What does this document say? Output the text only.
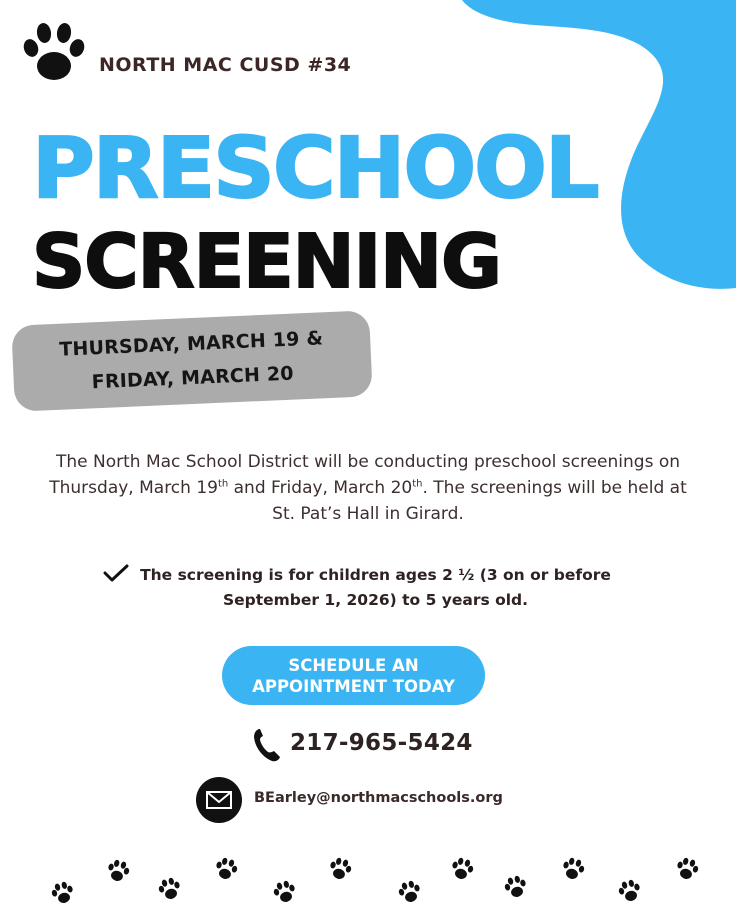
NORTH MAC CUSD #34
PRESCHOOL
SCREENING
THURSDAY, MARCH 19 &
FRIDAY, MARCH 20

The North Mac School District will be conducting preschool screenings on Thursday, March 19th and Friday, March 20th. The screenings will be held at St. Pat’s Hall in Girard.

The screening is for children ages 2 ½ (3 on or before
September 1, 2026) to 5 years old.
SCHEDULE AN
APPOINTMENT TODAY
217-965-5424
BEarley@northmacschools.org
